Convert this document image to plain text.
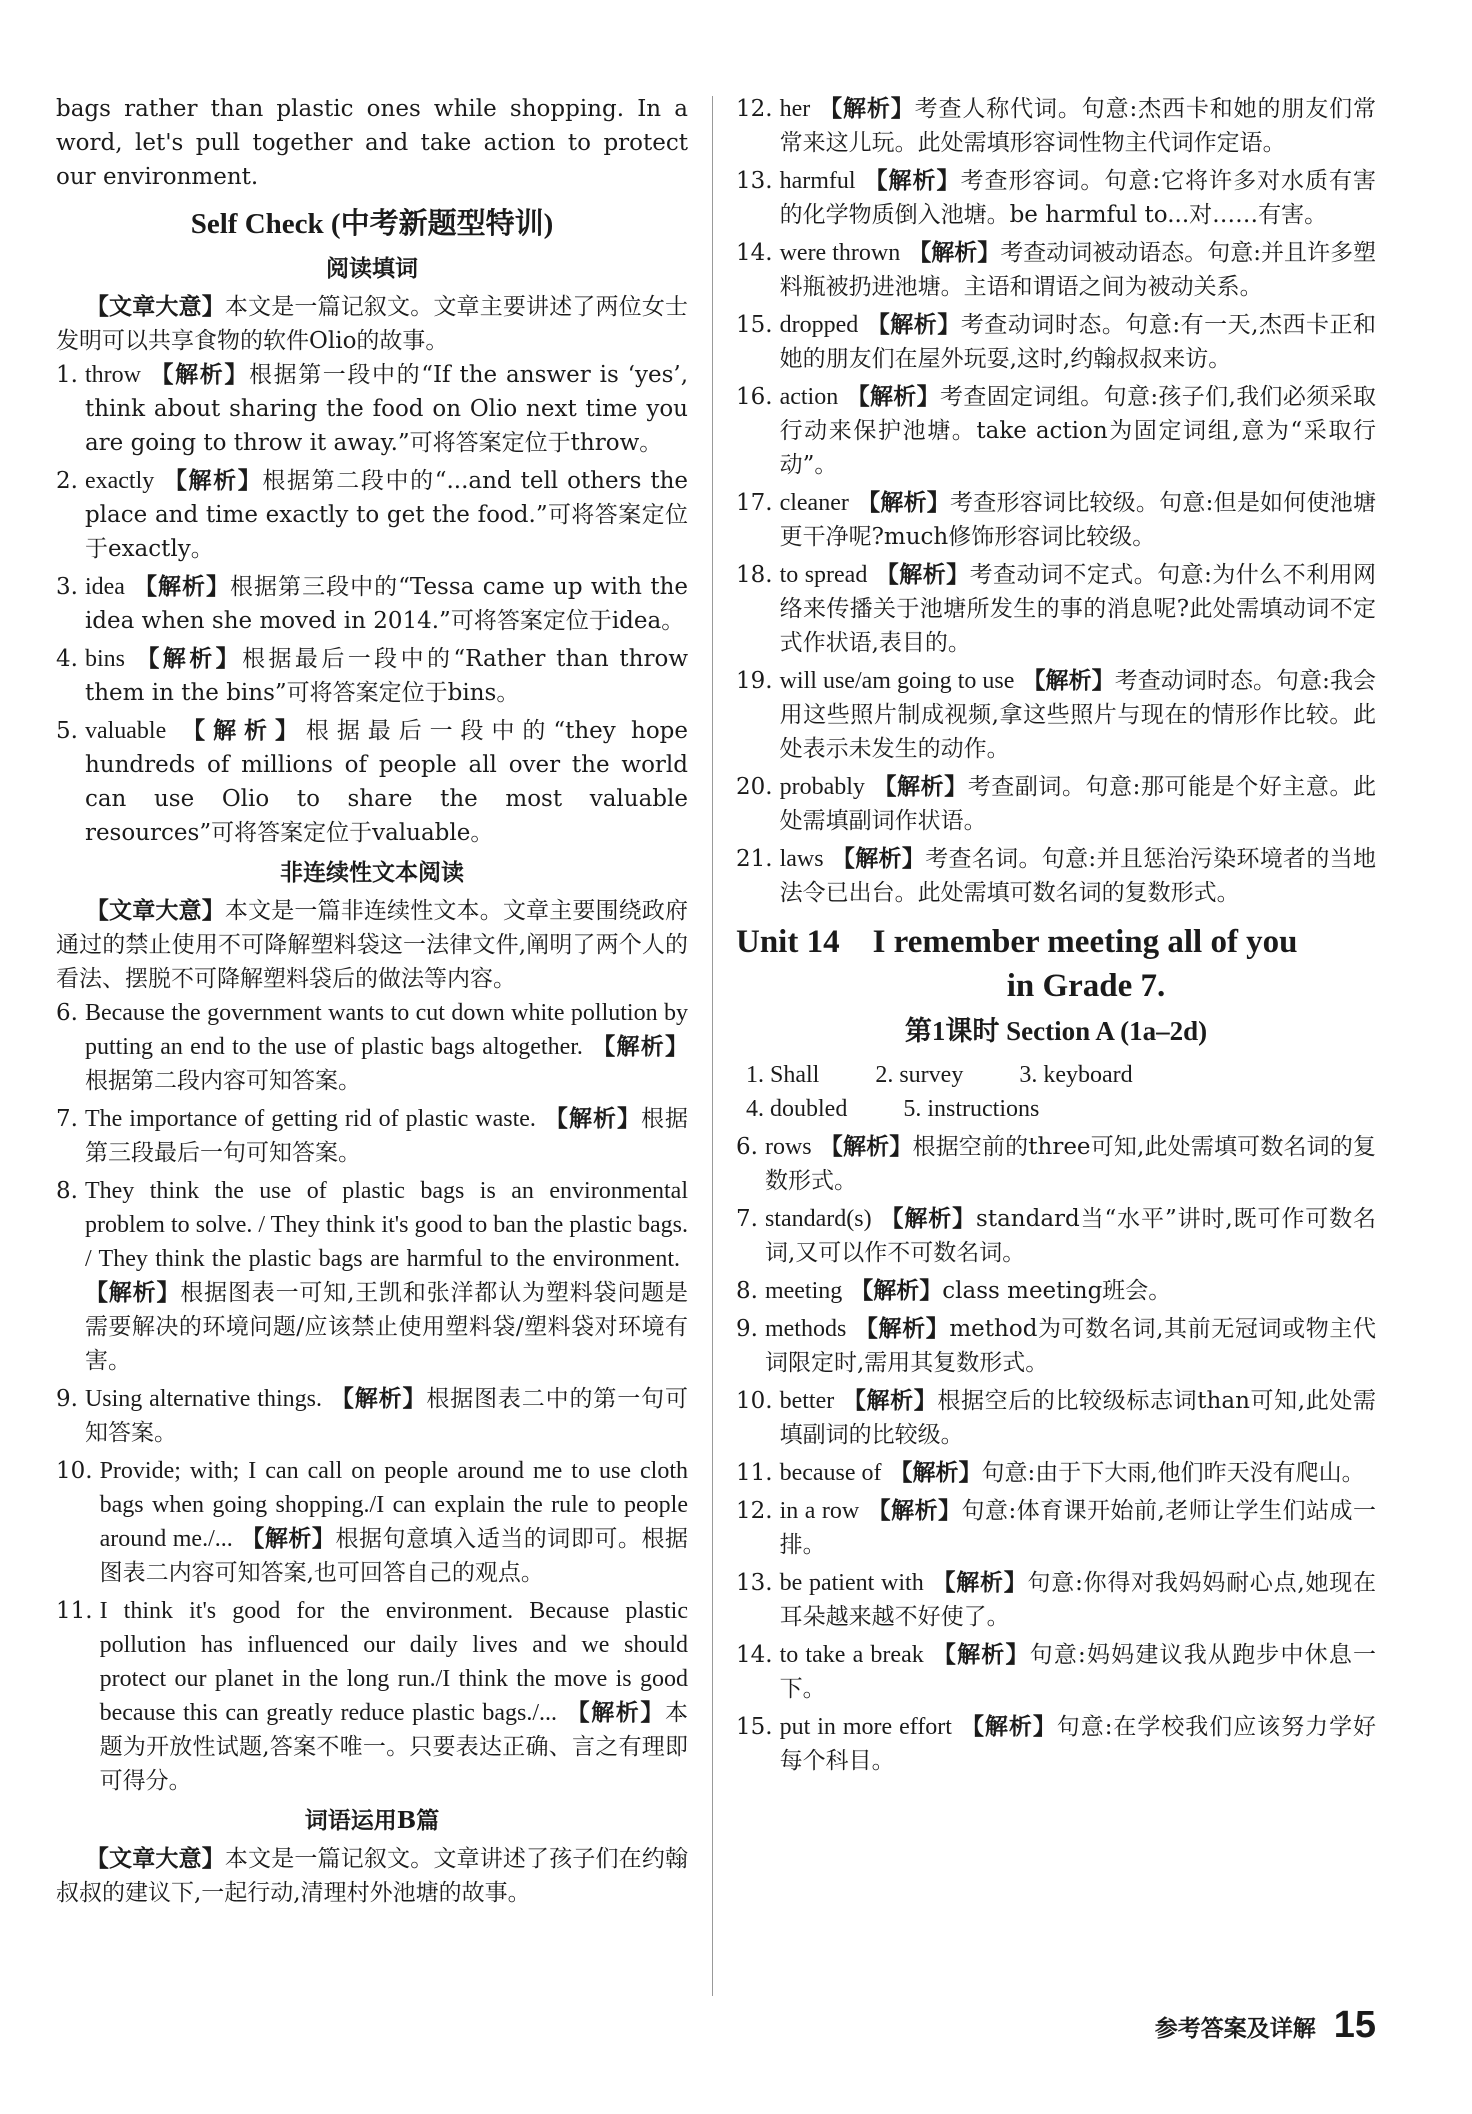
bags rather than plastic ones while shopping. In a word, let's pull together and take action to protect our environment.

Self Check (中考新题型特训)
阅读填词

【文章大意】本文是一篇记叙文。文章主要讲述了两位女士发明可以共享食物的软件Olio的故事。

1. throw 【解析】根据第一段中的“If the answer is ‘yes’, think about sharing the food on Olio next time you are going to throw it away.”可将答案定位于throw。
2. exactly 【解析】根据第二段中的“...and tell others the place and time exactly to get the food.”可将答案定位于exactly。
3. idea 【解析】根据第三段中的“Tessa came up with the idea when she moved in 2014.”可将答案定位于idea。
4. bins 【解析】根据最后一段中的“Rather than throw them in the bins”可将答案定位于bins。
5. valuable 【解析】根据最后一段中的“they hope hundreds of millions of people all over the world can use Olio to share the most valuable resources”可将答案定位于valuable。
非连续性文本阅读

【文章大意】本文是一篇非连续性文本。文章主要围绕政府通过的禁止使用不可降解塑料袋这一法律文件,阐明了两个人的看法、摆脱不可降解塑料袋后的做法等内容。

6. Because the government wants to cut down white pollution by putting an end to the use of plastic bags altogether. 【解析】根据第二段内容可知答案。
7. The importance of getting rid of plastic waste. 【解析】根据第三段最后一句可知答案。
8. They think the use of plastic bags is an environmental problem to solve. / They think it's good to ban the plastic bags. / They think the plastic bags are harmful to the environment.【解析】根据图表一可知,王凯和张洋都认为塑料袋问题是需要解决的环境问题/应该禁止使用塑料袋/塑料袋对环境有害。
9. Using alternative things. 【解析】根据图表二中的第一句可知答案。
10. Provide; with; I can call on people around me to use cloth bags when going shopping./I can explain the rule to people around me./... 【解析】根据句意填入适当的词即可。根据图表二内容可知答案,也可回答自己的观点。
11. I think it's good for the environment. Because plastic pollution has influenced our daily lives and we should protect our planet in the long run./I think the move is good because this can greatly reduce plastic bags./... 【解析】本题为开放性试题,答案不唯一。只要表达正确、言之有理即可得分。
词语运用B篇

【文章大意】本文是一篇记叙文。文章讲述了孩子们在约翰叔叔的建议下,一起行动,清理村外池塘的故事。

12. her 【解析】考查人称代词。句意:杰西卡和她的朋友们常常来这儿玩。此处需填形容词性物主代词作定语。
13. harmful 【解析】考查形容词。句意:它将许多对水质有害的化学物质倒入池塘。be harmful to...对……有害。
14. were thrown 【解析】考查动词被动语态。句意:并且许多塑料瓶被扔进池塘。主语和谓语之间为被动关系。
15. dropped 【解析】考查动词时态。句意:有一天,杰西卡正和她的朋友们在屋外玩耍,这时,约翰叔叔来访。
16. action 【解析】考查固定词组。句意:孩子们,我们必须采取行动来保护池塘。take action为固定词组,意为“采取行动”。
17. cleaner 【解析】考查形容词比较级。句意:但是如何使池塘更干净呢?much修饰形容词比较级。
18. to spread 【解析】考查动词不定式。句意:为什么不利用网络来传播关于池塘所发生的事的消息呢?此处需填动词不定式作状语,表目的。
19. will use/am going to use 【解析】考查动词时态。句意:我会用这些照片制成视频,拿这些照片与现在的情形作比较。此处表示未发生的动作。
20. probably 【解析】考查副词。句意:那可能是个好主意。此处需填副词作状语。
21. laws 【解析】考查名词。句意:并且惩治污染环境者的当地法令已出台。此处需填可数名词的复数形式。
Unit 14    I remember meeting all of you
in Grade 7.
第1课时 Section A (1a–2d)
1. Shall 2. survey 3. keyboard
4. doubled 5. instructions
6. rows 【解析】根据空前的three可知,此处需填可数名词的复数形式。
7. standard(s) 【解析】standard当“水平”讲时,既可作可数名词,又可以作不可数名词。
8. meeting 【解析】class meeting班会。
9. methods 【解析】method为可数名词,其前无冠词或物主代词限定时,需用其复数形式。
10. better 【解析】根据空后的比较级标志词than可知,此处需填副词的比较级。
11. because of 【解析】句意:由于下大雨,他们昨天没有爬山。
12. in a row 【解析】句意:体育课开始前,老师让学生们站成一排。
13. be patient with 【解析】句意:你得对我妈妈耐心点,她现在耳朵越来越不好使了。
14. to take a break 【解析】句意:妈妈建议我从跑步中休息一下。
15. put in more effort 【解析】句意:在学校我们应该努力学好每个科目。
参考答案及详解 15
